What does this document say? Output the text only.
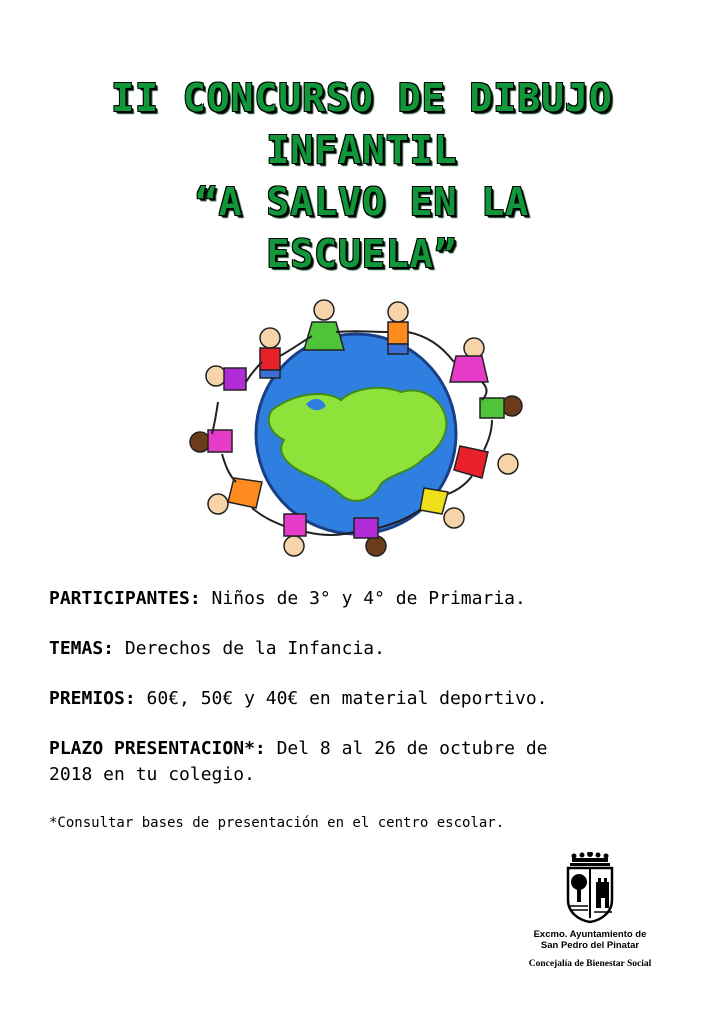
II CONCURSO DE DIBUJO
INFANTIL
“A SALVO EN LA
ESCUELA”

PARTICIPANTES: Niños de 3° y 4° de Primaria.

TEMAS: Derechos de la Infancia.

PREMIOS: 60€, 50€ y 40€ en material deportivo.

PLAZO PRESENTACION*: Del 8 al 26 de octubre de

2018 en tu colegio.

*Consultar bases de presentación en el centro escolar.

Excmo. Ayuntamiento de
San Pedro del Pinatar
Concejalía de Bienestar Social
